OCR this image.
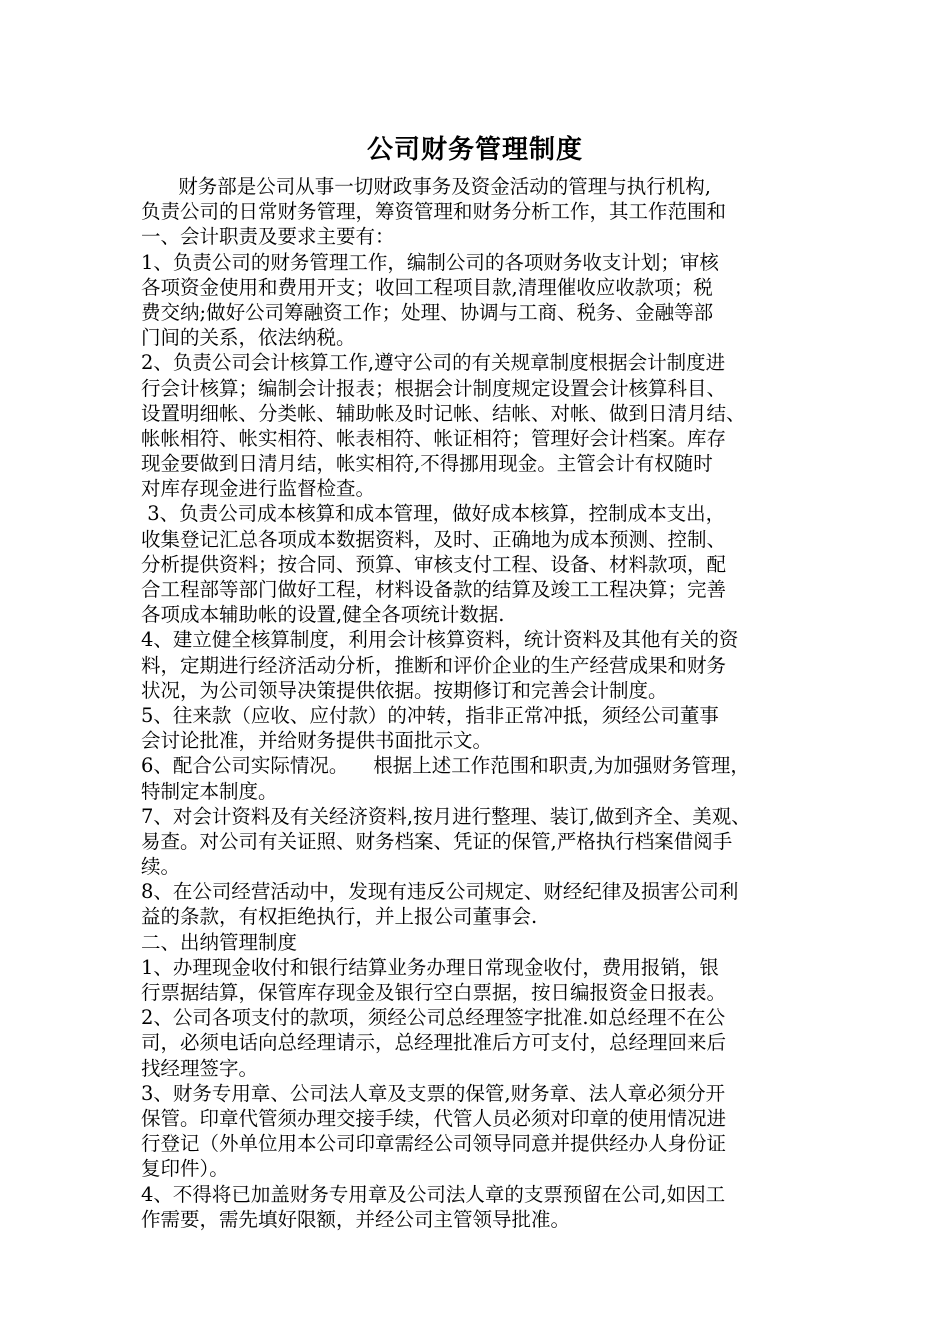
公司财务管理制度
财务部是公司从事一切财政事务及资金活动的管理与执行机构,
负责公司的日常财务管理，筹资管理和财务分析工作，其工作范围和
一、会计职责及要求主要有：
1、负责公司的财务管理工作，编制公司的各项财务收支计划；审核
各项资金使用和费用开支；收回工程项目款,清理催收应收款项；税
费交纳;做好公司筹融资工作；处理、协调与工商、税务、金融等部
门间的关系，依法纳税。
2、负责公司会计核算工作,遵守公司的有关规章制度根据会计制度进
行会计核算；编制会计报表；根据会计制度规定设置会计核算科目、
设置明细帐、分类帐、辅助帐及时记帐、结帐、对帐、做到日清月结、
帐帐相符、帐实相符、帐表相符、帐证相符；管理好会计档案。库存
现金要做到日清月结，帐实相符,不得挪用现金。主管会计有权随时
对库存现金进行监督检查。
3、负责公司成本核算和成本管理，做好成本核算，控制成本支出，
收集登记汇总各项成本数据资料，及时、正确地为成本预测、控制、
分析提供资料；按合同、预算、审核支付工程、设备、材料款项，配
合工程部等部门做好工程，材料设备款的结算及竣工工程决算；完善
各项成本辅助帐的设置,健全各项统计数据.
4、建立健全核算制度，利用会计核算资料，统计资料及其他有关的资
料，定期进行经济活动分析，推断和评价企业的生产经营成果和财务
状况，为公司领导决策提供依据。按期修订和完善会计制度。
5、往来款（应收、应付款）的冲转，指非正常冲抵，须经公司董事
会讨论批准，并给财务提供书面批示文。
6、配合公司实际情况。    根据上述工作范围和职责,为加强财务管理，
特制定本制度。
7、对会计资料及有关经济资料,按月进行整理、装订,做到齐全、美观、
易查。对公司有关证照、财务档案、凭证的保管,严格执行档案借阅手
续。
8、在公司经营活动中，发现有违反公司规定、财经纪律及损害公司利
益的条款，有权拒绝执行，并上报公司董事会.
二、出纳管理制度
1、办理现金收付和银行结算业务办理日常现金收付，费用报销，银
行票据结算，保管库存现金及银行空白票据，按日编报资金日报表。
2、公司各项支付的款项，须经公司总经理签字批准.如总经理不在公
司，必须电话向总经理请示，总经理批准后方可支付，总经理回来后
找经理签字。
3、财务专用章、公司法人章及支票的保管,财务章、法人章必须分开
保管。印章代管须办理交接手续，代管人员必须对印章的使用情况进
行登记（外单位用本公司印章需经公司领导同意并提供经办人身份证
复印件）。
4、不得将已加盖财务专用章及公司法人章的支票预留在公司,如因工
作需要，需先填好限额，并经公司主管领导批准。
